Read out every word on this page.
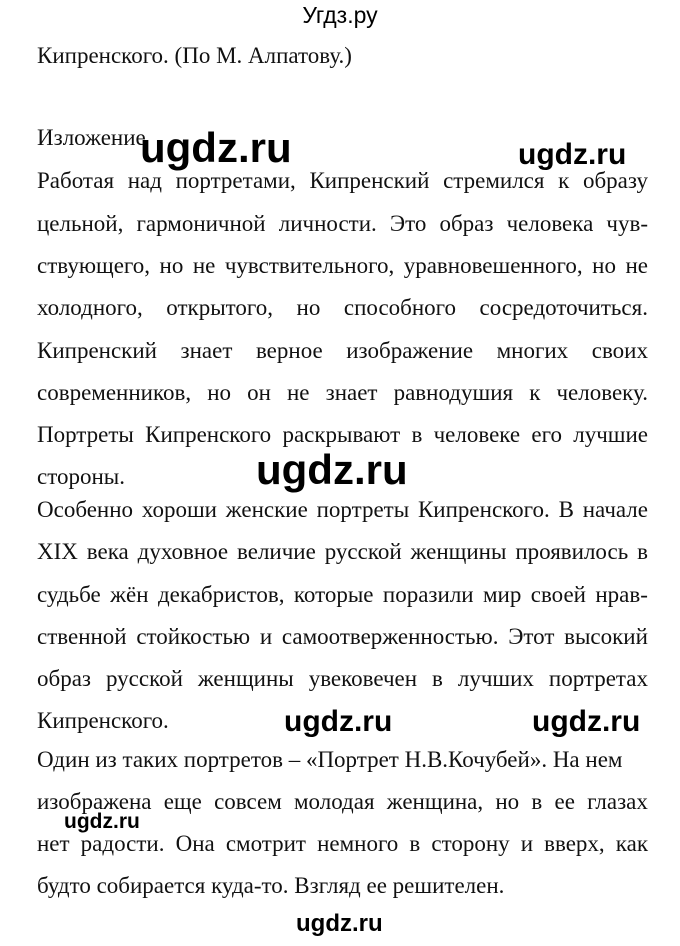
Угдз.ру
Кипренского. (По М. Алпатову.)
Изложение
Работая над портретами, Кипренский стремился к образу
цельной, гармоничной личности. Это образ человека чув-
ствующего, но не чувствительного, уравновешенного, но не
холодного, открытого, но способного сосредоточиться.
Кипренский знает верное изображение многих своих
современников, но он не знает равнодушия к человеку.
Портреты Кипренского раскрывают в человеке его лучшие
стороны.
Особенно хороши женские портреты Кипренского. В начале
XIX века духовное величие русской женщины проявилось в
судьбе жён декабристов, которые поразили мир своей нрав-
ственной стойкостью и самоотверженностью. Этот высокий
образ русской женщины увековечен в лучших портретах
Кипренского.
Один из таких портретов – «Портрет Н.В.Кочубей». На нем
изображена еще совсем молодая женщина, но в ее глазах
нет радости. Она смотрит немного в сторону и вверх, как
будто собирается куда-то. Взгляд ее решителен.
ugdz.ru	ugdz.ru
ugdz.ru
ugdz.ru	ugdz.ru
ugdz.ru
ugdz.ru
